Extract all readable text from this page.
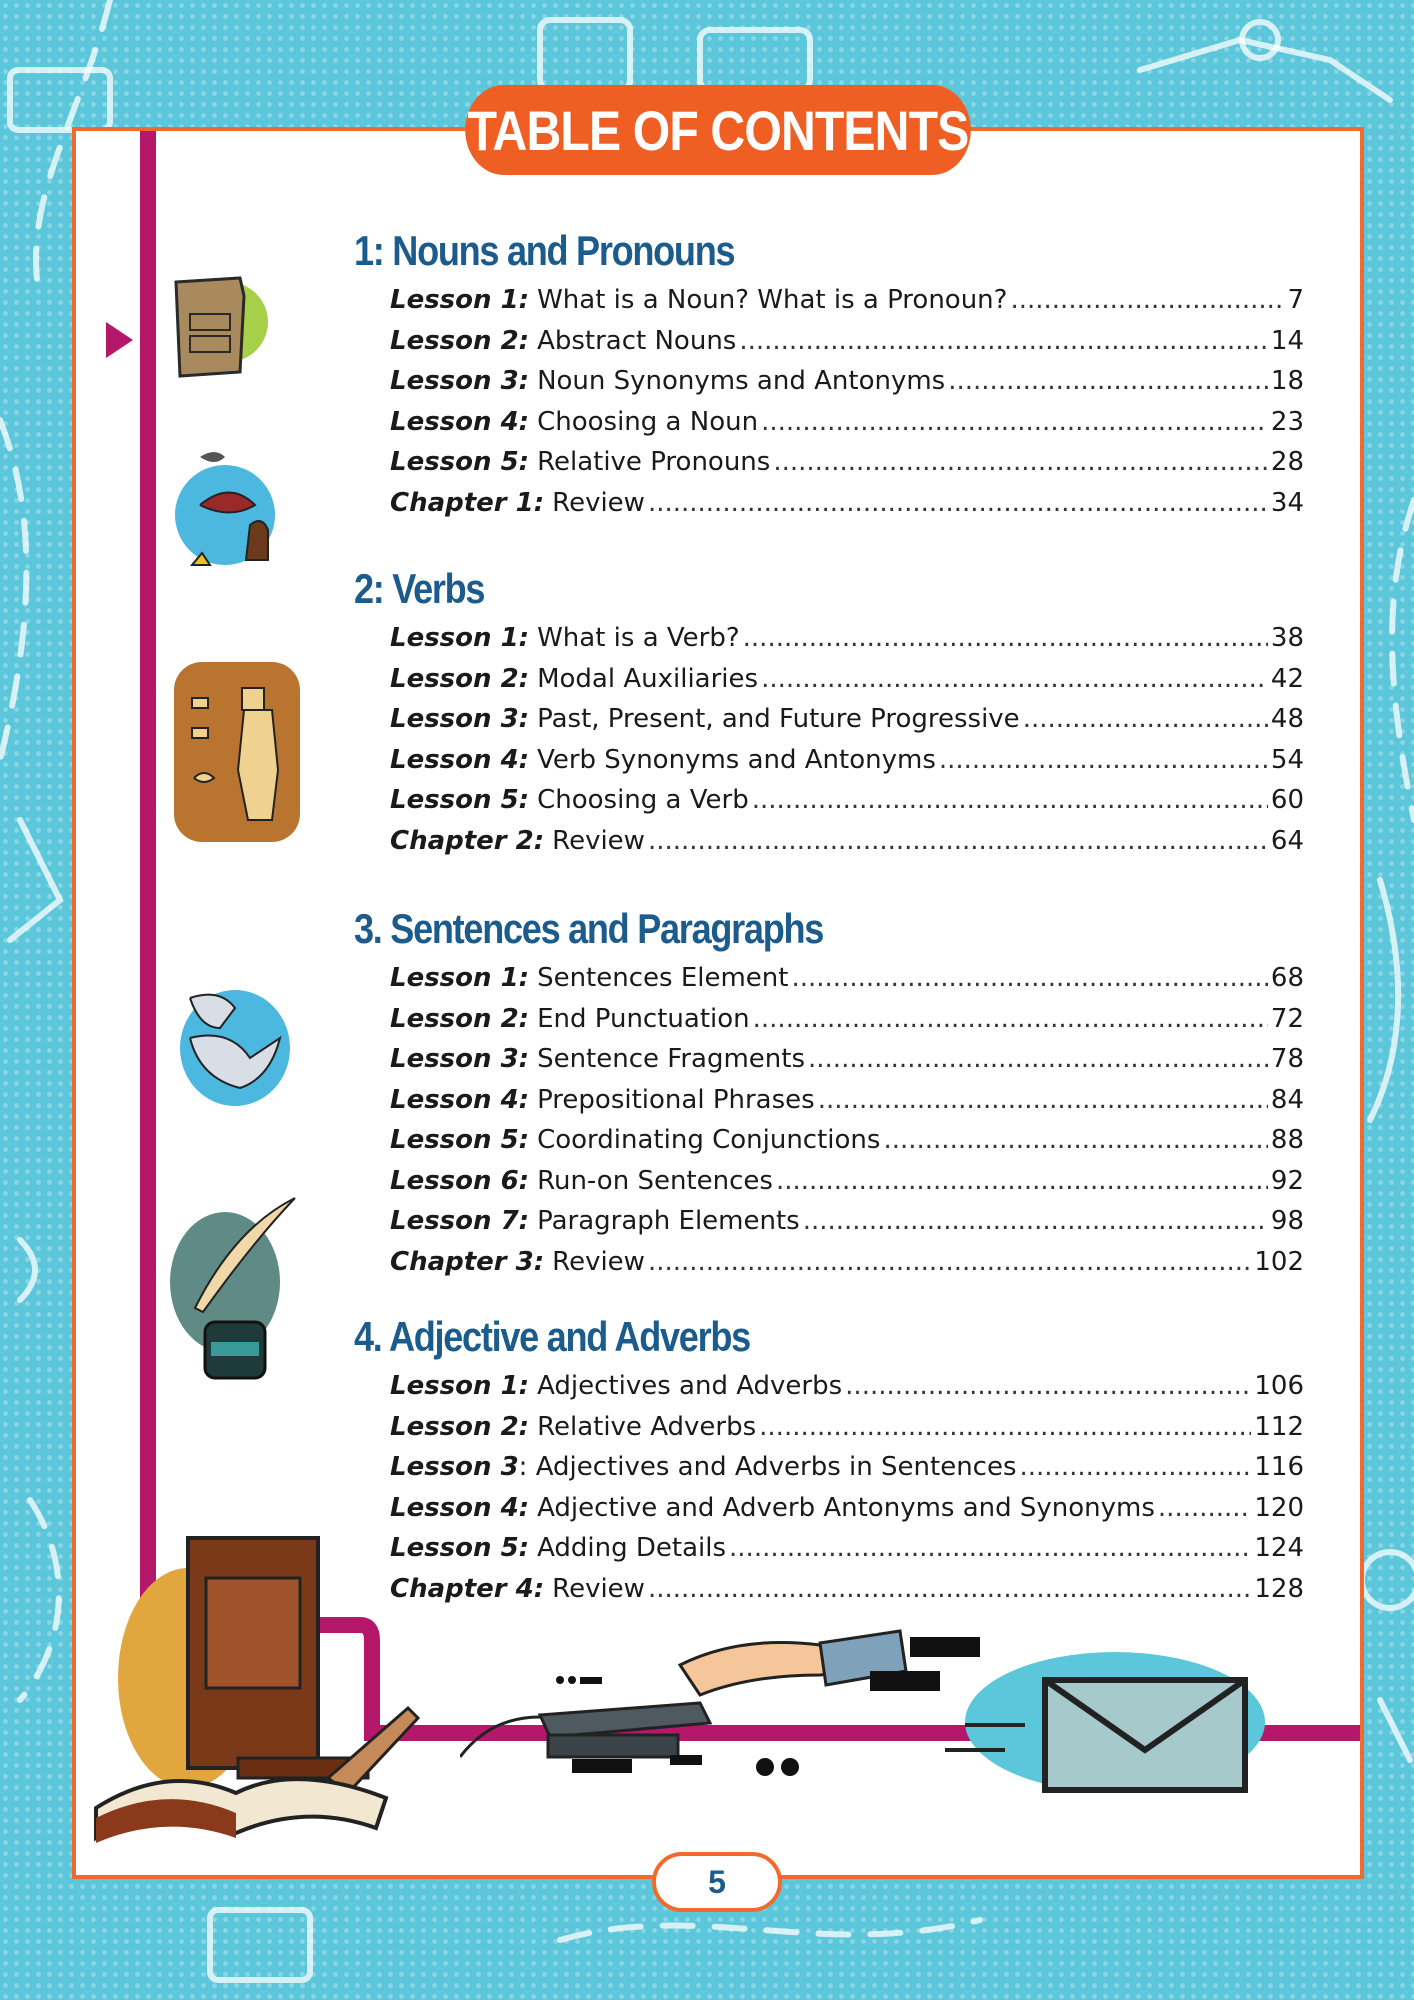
TABLE OF CONTENTS
1: Nouns and Pronouns
Lesson 1: What is a Noun? What is a Pronoun? .....	7
Lesson 2: Abstract Nouns .....	14
Lesson 3: Noun Synonyms and Antonyms .....	18
Lesson 4: Choosing a Noun .....	23
Lesson 5: Relative Pronouns .....	28
Chapter 1: Review .....	34
2: Verbs
Lesson 1: What is a Verb? .....	38
Lesson 2: Modal Auxiliaries .....	42
Lesson 3: Past, Present, and Future Progressive .....	48
Lesson 4: Verb Synonyms and Antonyms .....	54
Lesson 5: Choosing a Verb .....	60
Chapter 2: Review .....	64
3. Sentences and Paragraphs
Lesson 1: Sentences Element .....	68
Lesson 2: End Punctuation .....	72
Lesson 3: Sentence Fragments .....	78
Lesson 4: Prepositional Phrases .....	84
Lesson 5: Coordinating Conjunctions .....	88
Lesson 6: Run-on Sentences .....	92
Lesson 7: Paragraph Elements .....	98
Chapter 3: Review .....	102
4. Adjective and Adverbs
Lesson 1: Adjectives and Adverbs .....	106
Lesson 2: Relative Adverbs .....	112
Lesson 3 : Adjectives and Adverbs in Sentences .....	116
Lesson 4: Adjective and Adverb Antonyms and Synonyms .....	120
Lesson 5: Adding Details .....	124
Chapter 4: Review .....	128
5
